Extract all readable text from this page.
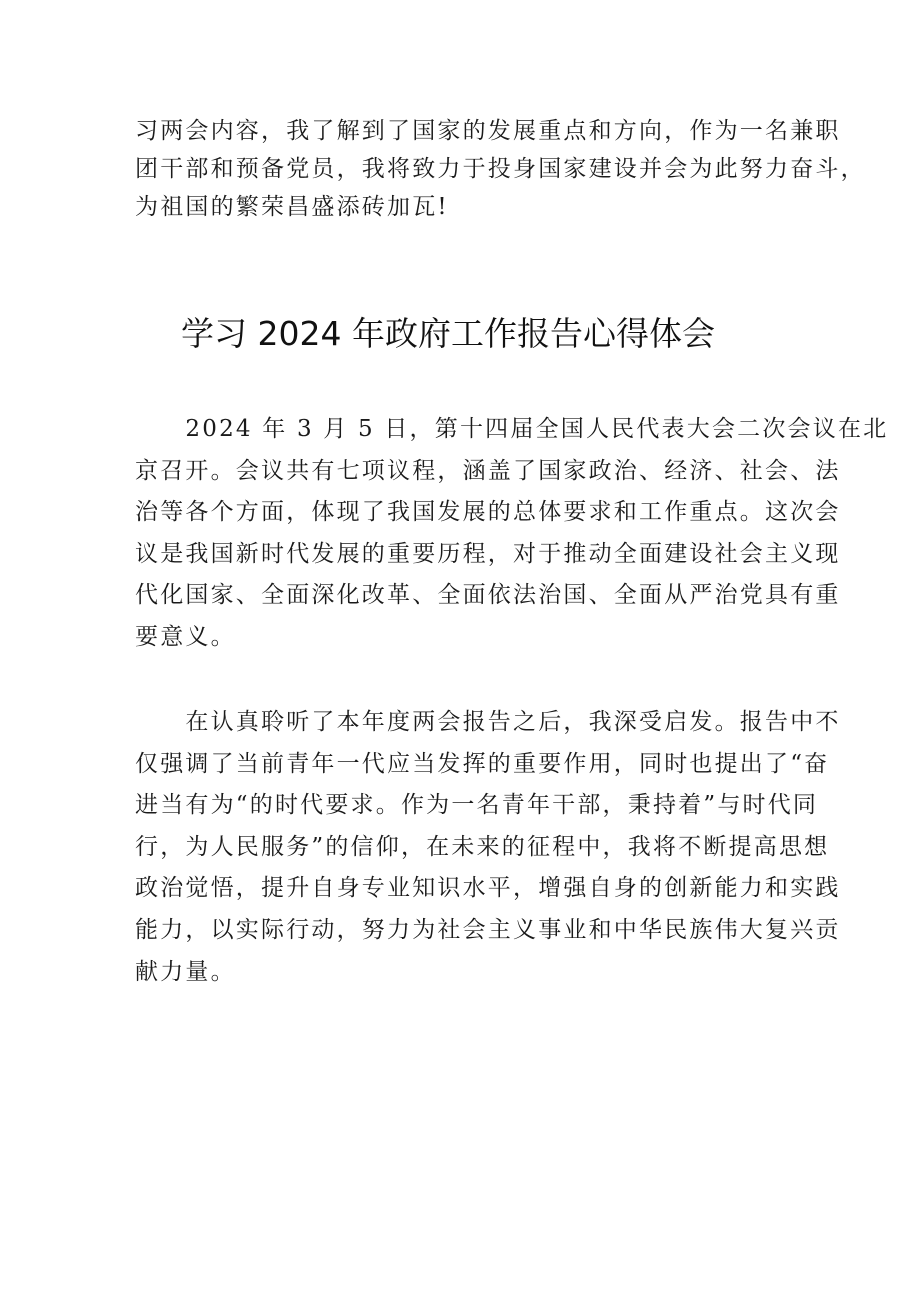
习两会内容，我了解到了国家的发展重点和方向，作为一名兼职
团干部和预备党员，我将致力于投身国家建设并会为此努力奋斗，
为祖国的繁荣昌盛添砖加瓦!
学习 2024 年政府工作报告心得体会

　　2024 年 3 月 5 日，第十四届全国人民代表大会二次会议在北
京召开。会议共有七项议程，涵盖了国家政治、经济、社会、法
治等各个方面，体现了我国发展的总体要求和工作重点。这次会
议是我国新时代发展的重要历程，对于推动全面建设社会主义现
代化国家、全面深化改革、全面依法治国、全面从严治党具有重
要意义。

　　在认真聆听了本年度两会报告之后，我深受启发。报告中不
仅强调了当前青年一代应当发挥的重要作用，同时也提出了“奋
进当有为“的时代要求。作为一名青年干部，秉持着”与时代同
行，为人民服务”的信仰，在未来的征程中，我将不断提高思想
政治觉悟，提升自身专业知识水平，增强自身的创新能力和实践
能力，以实际行动，努力为社会主义事业和中华民族伟大复兴贡
献力量。
